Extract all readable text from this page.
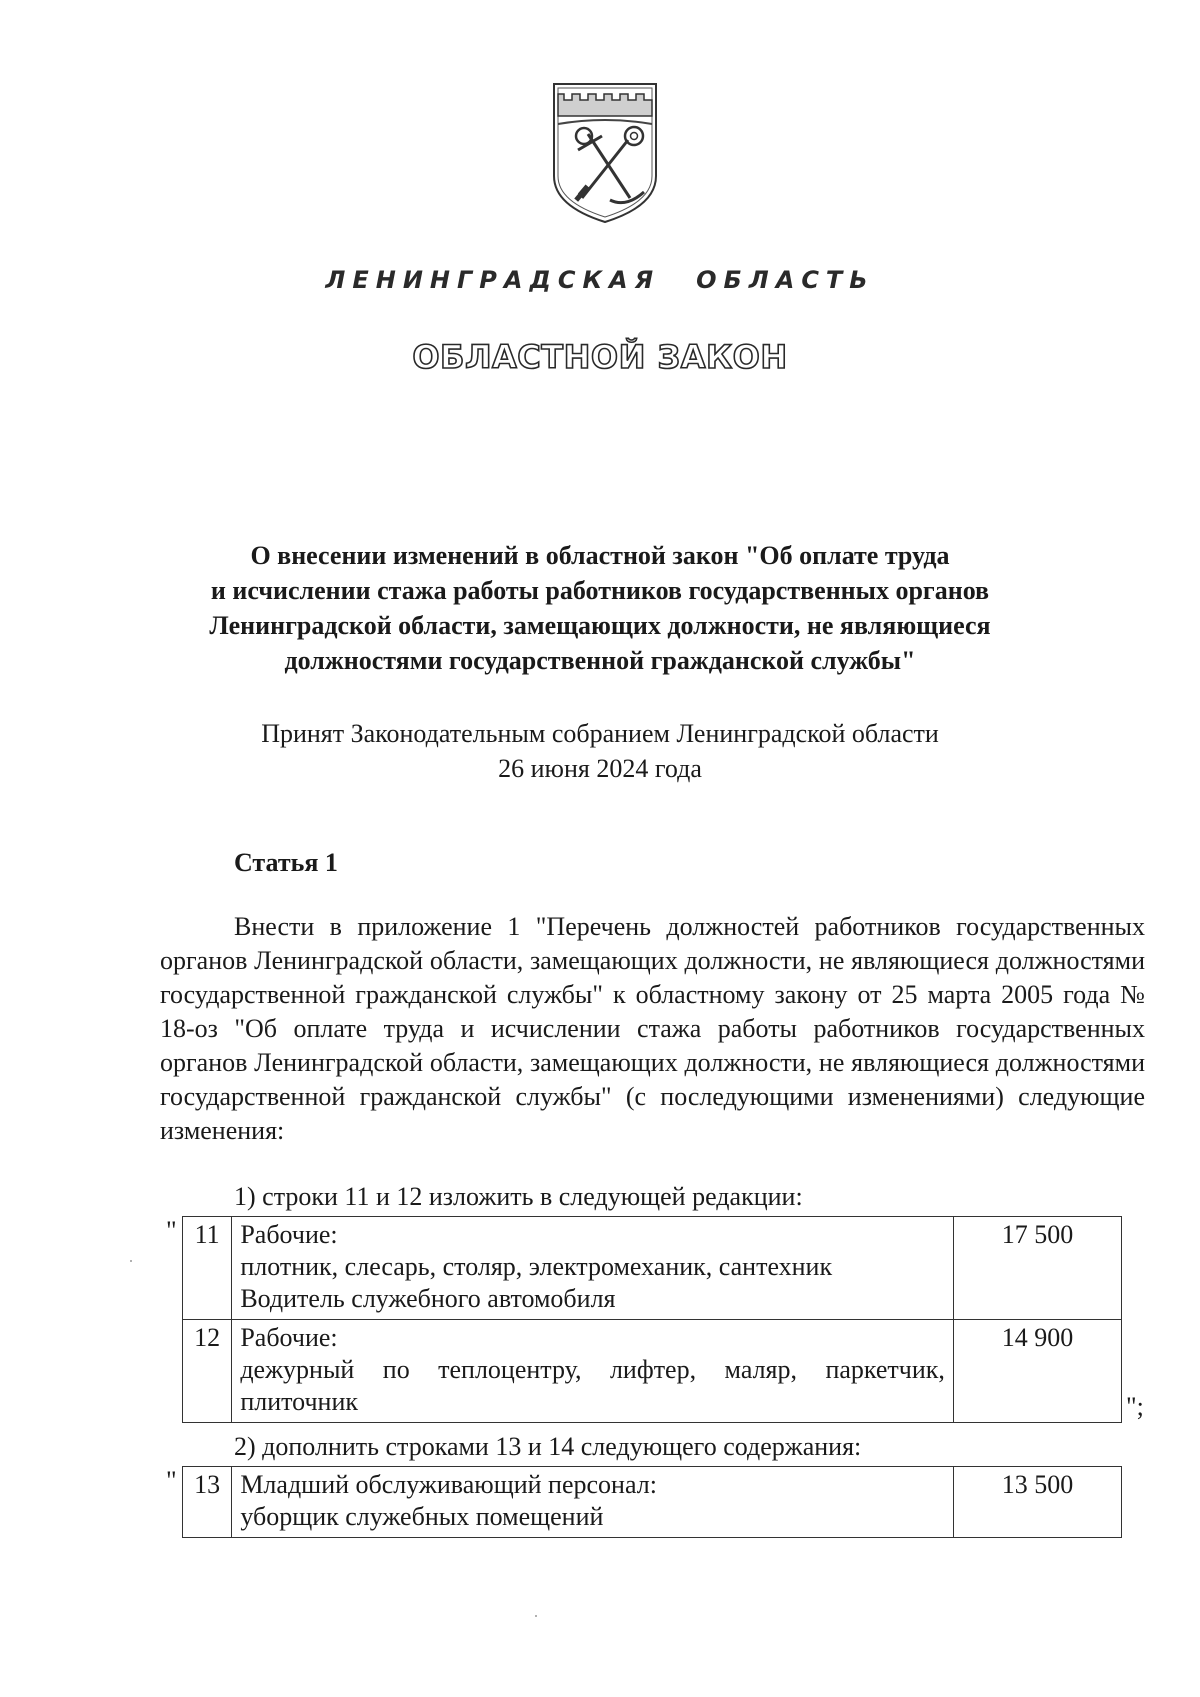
ЛЕНИНГРАДСКАЯ ОБЛАСТЬ
ОБЛАСТНОЙ ЗАКОН
О внесении изменений в областной закон "Об оплате труда
и исчислении стажа работы работников государственных органов
Ленинградской области, замещающих должности, не являющиеся
должностями государственной гражданской службы"
Принят Законодательным собранием Ленинградской области
26 июня 2024 года
Статья 1
Внести в приложение 1 "Перечень должностей работников государственных органов Ленинградской области, замещающих должности, не являющиеся должностями государственной гражданской службы" к областному закону от 25 марта 2005 года № 18-оз "Об оплате труда и исчислении стажа работы работников государственных органов Ленинградской области, замещающих должности, не являющиеся должностями государственной гражданской службы" (с последующими изменениями) следующие изменения:
1) строки 11 и 12 изложить в следующей редакции:
" 11	Рабочие:
плотник, слесарь, столяр, электромеханик, сантехник
Водитель служебного автомобиля	17 500
12	Рабочие:
дежурный по теплоцентру, лифтер, маляр, паркетчик, плиточник	14 900
";
2) дополнить строками 13 и 14 следующего содержания:
" 13	Младший обслуживающий персонал:
уборщик служебных помещений
	13 500
